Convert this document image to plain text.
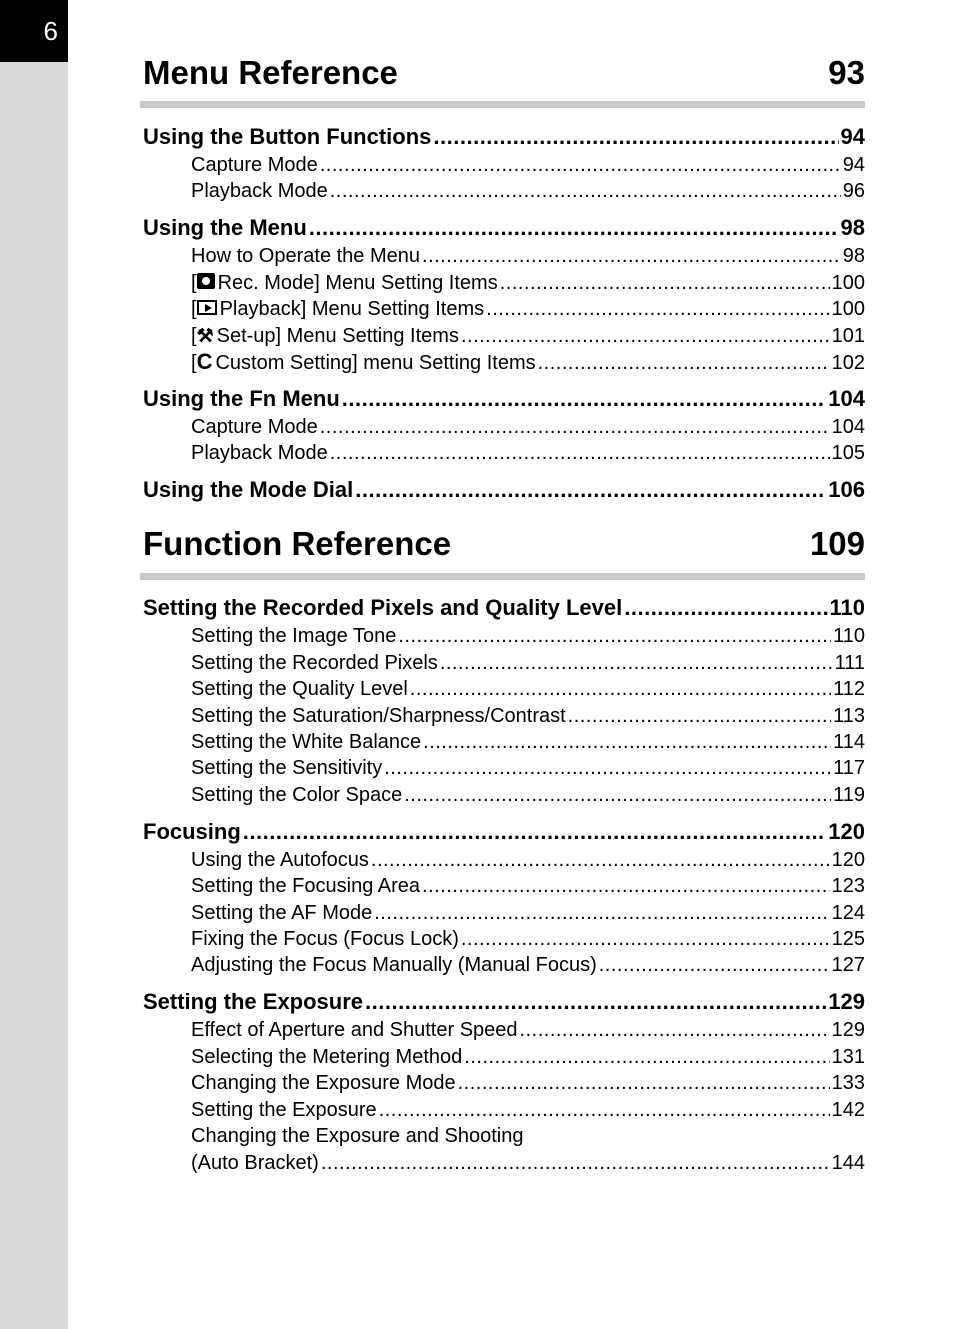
6
Menu Reference	93
Using the Button Functions .....	94
Capture Mode .....	94
Playback Mode .....	96
Using the Menu .....	98
How to Operate the Menu .....	98
[ Rec. Mode] Menu Setting Items .....	100
[ Playback] Menu Setting Items .....	100
[ ⚒ Set-up] Menu Setting Items .....	101
[ C Custom Setting] menu Setting Items .....	102
Using the Fn Menu .....	104
Capture Mode .....	104
Playback Mode .....	105
Using the Mode Dial .....	106
Function Reference	109
Setting the Recorded Pixels and Quality Level .....	110
Setting the Image Tone .....	110
Setting the Recorded Pixels .....	111
Setting the Quality Level .....	112
Setting the Saturation/Sharpness/Contrast .....	113
Setting the White Balance .....	114
Setting the Sensitivity .....	117
Setting the Color Space .....	119
Focusing .....	120
Using the Autofocus .....	120
Setting the Focusing Area .....	123
Setting the AF Mode .....	124
Fixing the Focus (Focus Lock) .....	125
Adjusting the Focus Manually (Manual Focus) .....	127
Setting the Exposure .....	129
Effect of Aperture and Shutter Speed .....	129
Selecting the Metering Method .....	131
Changing the Exposure Mode .....	133
Setting the Exposure .....	142
Changing the Exposure and Shooting
(Auto Bracket) .....	144
